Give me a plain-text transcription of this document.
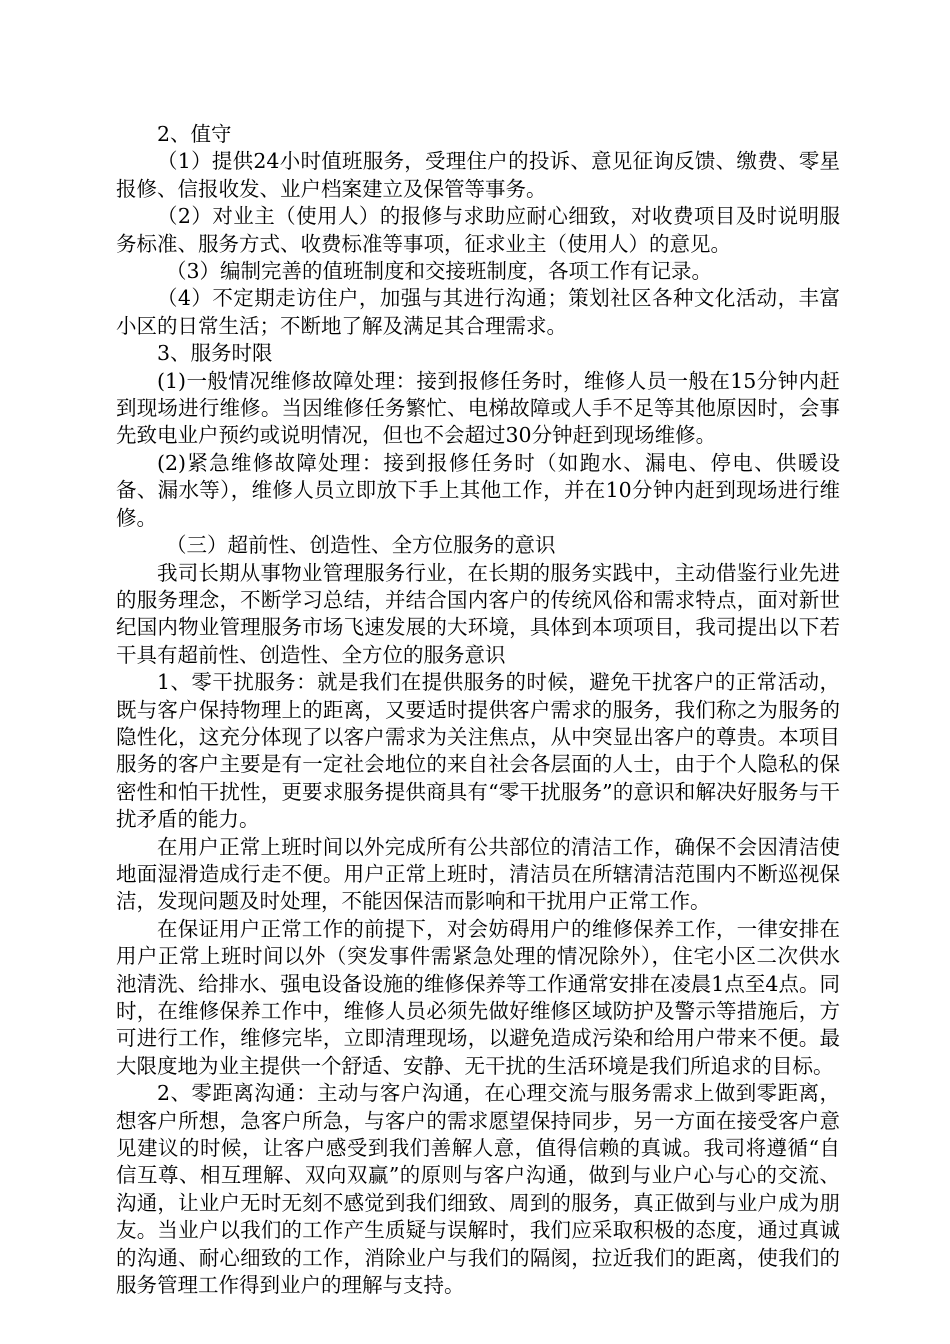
2、值守

（1）提供24小时值班服务，受理住户的投诉、意见征询反馈、缴费、零星报修、信报收发、业户档案建立及保管等事务。

（2）对业主（使用人）的报修与求助应耐心细致，对收费项目及时说明服务标准、服务方式、收费标准等事项，征求业主（使用人）的意见。

（3）编制完善的值班制度和交接班制度，各项工作有记录。

（4）不定期走访住户，加强与其进行沟通；策划社区各种文化活动，丰富小区的日常生活；不断地了解及满足其合理需求。

3、服务时限

(1)一般情况维修故障处理：接到报修任务时，维修人员一般在15分钟内赶到现场进行维修。当因维修任务繁忙、电梯故障或人手不足等其他原因时，会事先致电业户预约或说明情况，但也不会超过30分钟赶到现场维修。

(2)紧急维修故障处理：接到报修任务时（如跑水、漏电、停电、供暖设备、漏水等），维修人员立即放下手上其他工作，并在10分钟内赶到现场进行维修。

（三）超前性、创造性、全方位服务的意识

我司长期从事物业管理服务行业，在长期的服务实践中，主动借鉴行业先进的服务理念，不断学习总结，并结合国内客户的传统风俗和需求特点，面对新世纪国内物业管理服务市场飞速发展的大环境，具体到本项项目，我司提出以下若干具有超前性、创造性、全方位的服务意识

1、零干扰服务：就是我们在提供服务的时候，避免干扰客户的正常活动，既与客户保持物理上的距离，又要适时提供客户需求的服务，我们称之为服务的隐性化，这充分体现了以客户需求为关注焦点，从中突显出客户的尊贵。本项目服务的客户主要是有一定社会地位的来自社会各层面的人士，由于个人隐私的保密性和怕干扰性，更要求服务提供商具有“零干扰服务”的意识和解决好服务与干扰矛盾的能力。

在用户正常上班时间以外完成所有公共部位的清洁工作，确保不会因清洁使地面湿滑造成行走不便。用户正常上班时，清洁员在所辖清洁范围内不断巡视保洁，发现问题及时处理，不能因保洁而影响和干扰用户正常工作。

在保证用户正常工作的前提下，对会妨碍用户的维修保养工作，一律安排在用户正常上班时间以外（突发事件需紧急处理的情况除外），住宅小区二次供水池清洗、给排水、强电设备设施的维修保养等工作通常安排在凌晨1点至4点。同时，在维修保养工作中，维修人员必须先做好维修区域防护及警示等措施后，方可进行工作，维修完毕，立即清理现场，以避免造成污染和给用户带来不便。最大限度地为业主提供一个舒适、安静、无干扰的生活环境是我们所追求的目标。

2、零距离沟通：主动与客户沟通，在心理交流与服务需求上做到零距离，想客户所想，急客户所急，与客户的需求愿望保持同步，另一方面在接受客户意见建议的时候，让客户感受到我们善解人意，值得信赖的真诚。我司将遵循“自信互尊、相互理解、双向双赢”的原则与客户沟通，做到与业户心与心的交流、沟通，让业户无时无刻不感觉到我们细致、周到的服务，真正做到与业户成为朋友。当业户以我们的工作产生质疑与误解时，我们应采取积极的态度，通过真诚的沟通、耐心细致的工作，消除业户与我们的隔阂，拉近我们的距离，使我们的服务管理工作得到业户的理解与支持。
